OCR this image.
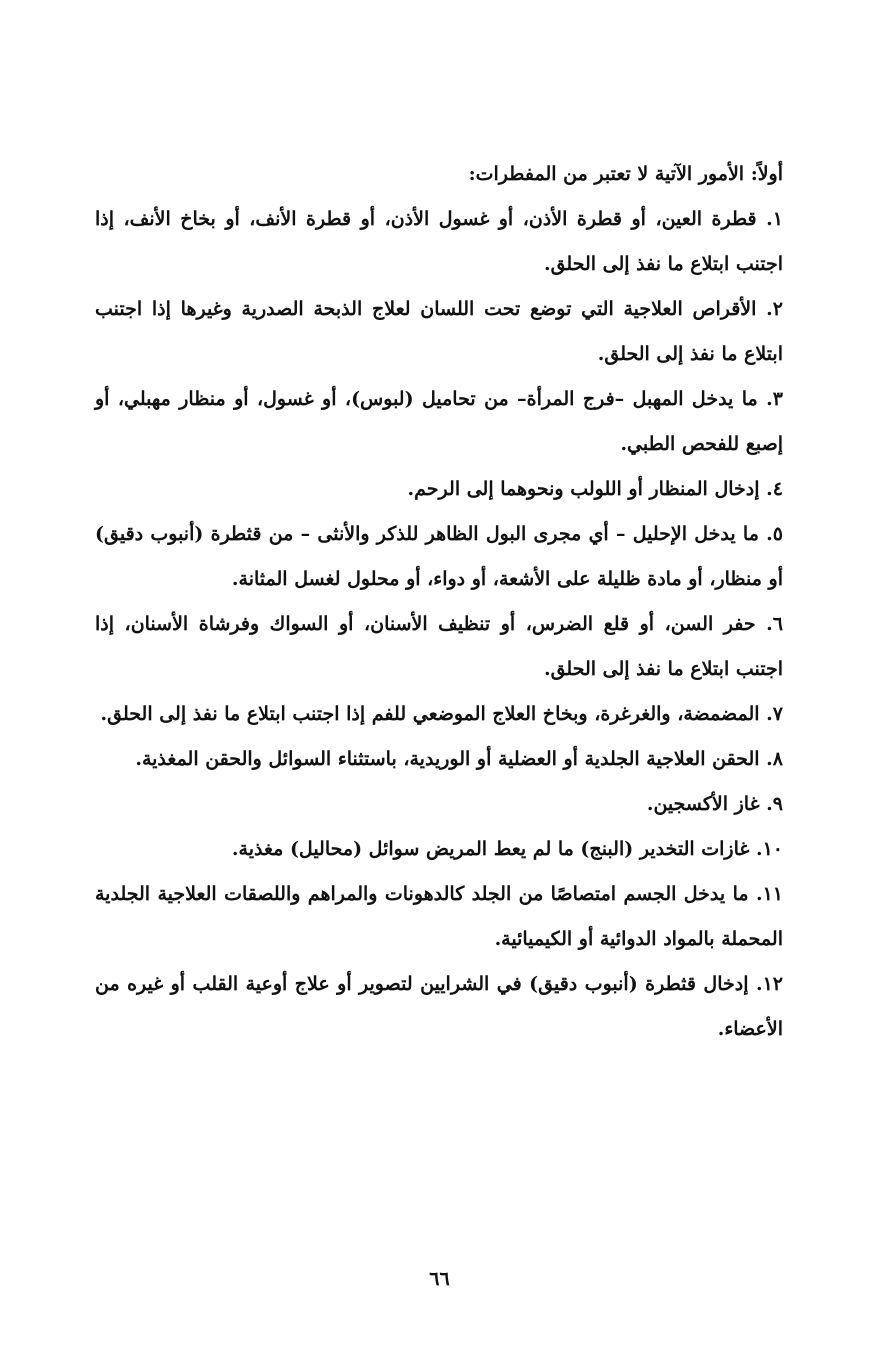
أولاً: الأمور الآتية لا تعتبر من المفطرات:

١. قطرة العين، أو قطرة الأذن، أو غسول الأذن، أو قطرة الأنف، أو بخاخ الأنف، إذا اجتنب ابتلاع ما نفذ إلى الحلق.

٢. الأقراص العلاجية التي توضع تحت اللسان لعلاج الذبحة الصدرية وغيرها إذا اجتنب ابتلاع ما نفذ إلى الحلق.

٣. ما يدخل المهبل –فرج المرأة– من تحاميل (لبوس)، أو غسول، أو منظار مهبلي، أو إصبع للفحص الطبي.

٤. إدخال المنظار أو اللولب ونحوهما إلى الرحم.

٥. ما يدخل الإحليل – أي مجرى البول الظاهر للذكر والأنثى – من قثطرة (أنبوب دقيق) أو منظار، أو مادة ظليلة على الأشعة، أو دواء، أو محلول لغسل المثانة.

٦. حفر السن، أو قلع الضرس، أو تنظيف الأسنان، أو السواك وفرشاة الأسنان، إذا اجتنب ابتلاع ما نفذ إلى الحلق.

٧. المضمضة، والغرغرة، وبخاخ العلاج الموضعي للفم إذا اجتنب ابتلاع ما نفذ إلى الحلق.

٨. الحقن العلاجية الجلدية أو العضلية أو الوريدية، باستثناء السوائل والحقن المغذية.

٩. غاز الأكسجين.

١٠. غازات التخدير (البنج) ما لم يعط المريض سوائل (محاليل) مغذية.

١١. ما يدخل الجسم امتصاصًا من الجلد كالدهونات والمراهم واللصقات العلاجية الجلدية المحملة بالمواد الدوائية أو الكيميائية.

١٢. إدخال قثطرة (أنبوب دقيق) في الشرايين لتصوير أو علاج أوعية القلب أو غيره من الأعضاء.

٦٦
